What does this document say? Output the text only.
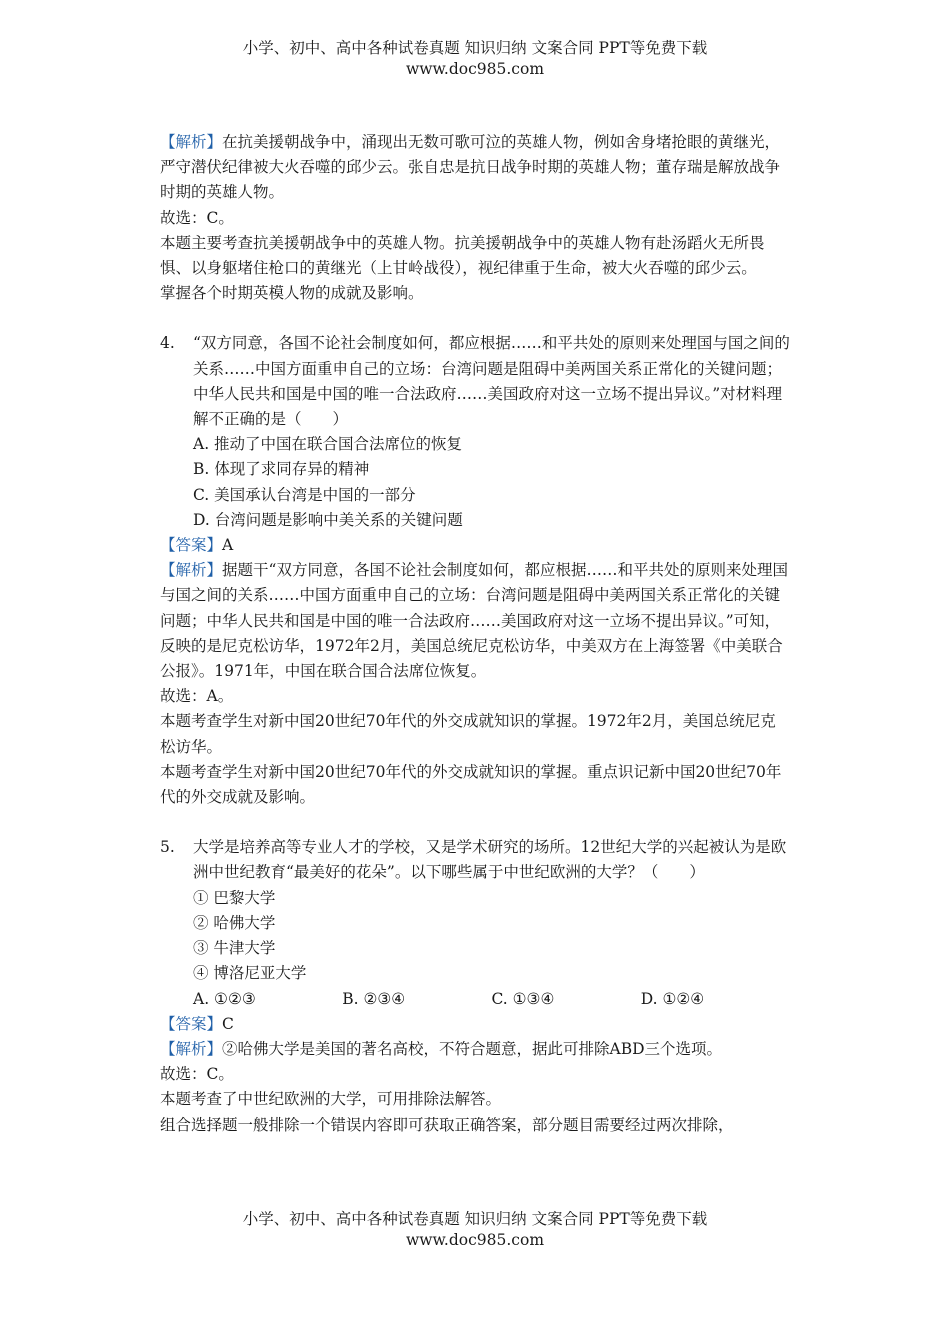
小学、初中、高中各种试卷真题 知识归纳 文案合同 PPT等免费下载
www.doc985.com

【解析】在抗美援朝战争中，涌现出无数可歌可泣的英雄人物，例如舍身堵抢眼的黄继光，严守潜伏纪律被大火吞噬的邱少云。张自忠是抗日战争时期的英雄人物；董存瑞是解放战争时期的英雄人物。

故选：C。

本题主要考查抗美援朝战争中的英雄人物。抗美援朝战争中的英雄人物有赴汤蹈火无所畏惧、以身躯堵住枪口的黄继光（上甘岭战役），视纪律重于生命，被大火吞噬的邱少云。

掌握各个时期英模人物的成就及影响。

4.	“双方同意，各国不论社会制度如何，都应根据……和平共处的原则来处理国与国之间的关系……中国方面重申自己的立场：台湾问题是阻碍中美两国关系正常化的关键问题；中华人民共和国是中国的唯一合法政府……美国政府对这一立场不提出异议。”对材料理解不正确的是（　　）

A. 推动了中国在联合国合法席位的恢复

B. 体现了求同存异的精神

C. 美国承认台湾是中国的一部分

D. 台湾问题是影响中美关系的关键问题

【答案】A

【解析】据题干“双方同意，各国不论社会制度如何，都应根据……和平共处的原则来处理国与国之间的关系……中国方面重申自己的立场：台湾问题是阻碍中美两国关系正常化的关键问题；中华人民共和国是中国的唯一合法政府……美国政府对这一立场不提出异议。”可知，反映的是尼克松访华，1972年2月，美国总统尼克松访华，中美双方在上海签署《中美联合公报》。1971年，中国在联合国合法席位恢复。

故选：A。

本题考查学生对新中国20世纪70年代的外交成就知识的掌握。1972年2月，美国总统尼克松访华。

本题考查学生对新中国20世纪70年代的外交成就知识的掌握。重点识记新中国20世纪70年代的外交成就及影响。

5.	大学是培养高等专业人才的学校，又是学术研究的场所。12世纪大学的兴起被认为是欧洲中世纪教育“最美好的花朵”。以下哪些属于中世纪欧洲的大学？（　　）

① 巴黎大学

② 哈佛大学

③ 牛津大学

④ 博洛尼亚大学

A. ①②③	B. ②③④	C. ①③④	D. ①②④

【答案】C

【解析】②哈佛大学是美国的著名高校，不符合题意，据此可排除ABD三个选项。

故选：C。

本题考查了中世纪欧洲的大学，可用排除法解答。

组合选择题一般排除一个错误内容即可获取正确答案，部分题目需要经过两次排除，

小学、初中、高中各种试卷真题 知识归纳 文案合同 PPT等免费下载
www.doc985.com
